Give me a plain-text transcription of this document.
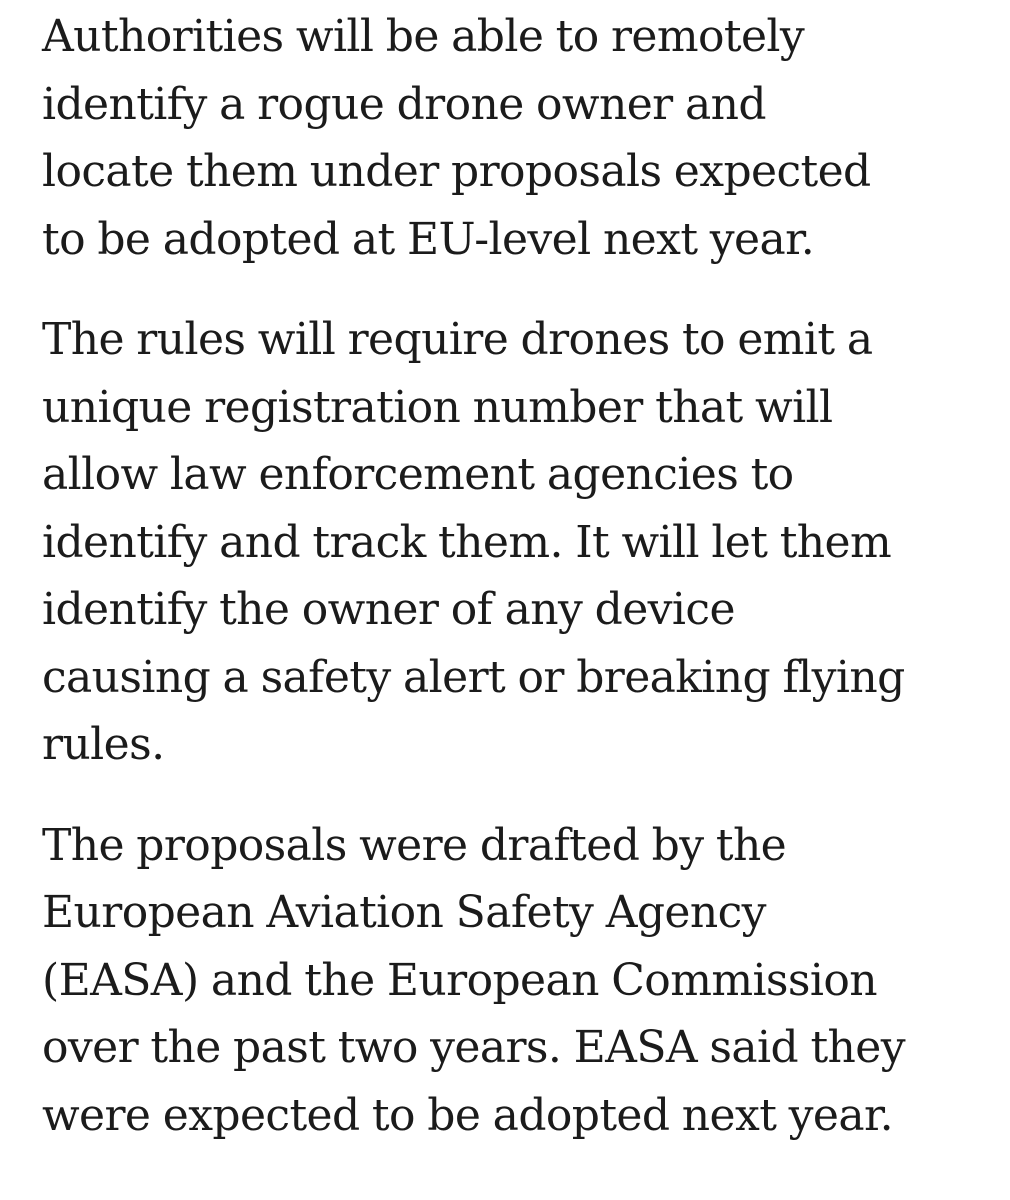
Authorities will be able to remotely
identify a rogue drone owner and
locate them under proposals expected
to be adopted at EU-level next year.

The rules will require drones to emit a
unique registration number that will
allow law enforcement agencies to
identify and track them. It will let them
identify the owner of any device
causing a safety alert or breaking flying
rules.

The proposals were drafted by the
European Aviation Safety Agency
(EASA) and the European Commission
over the past two years. EASA said they
were expected to be adopted next year.
